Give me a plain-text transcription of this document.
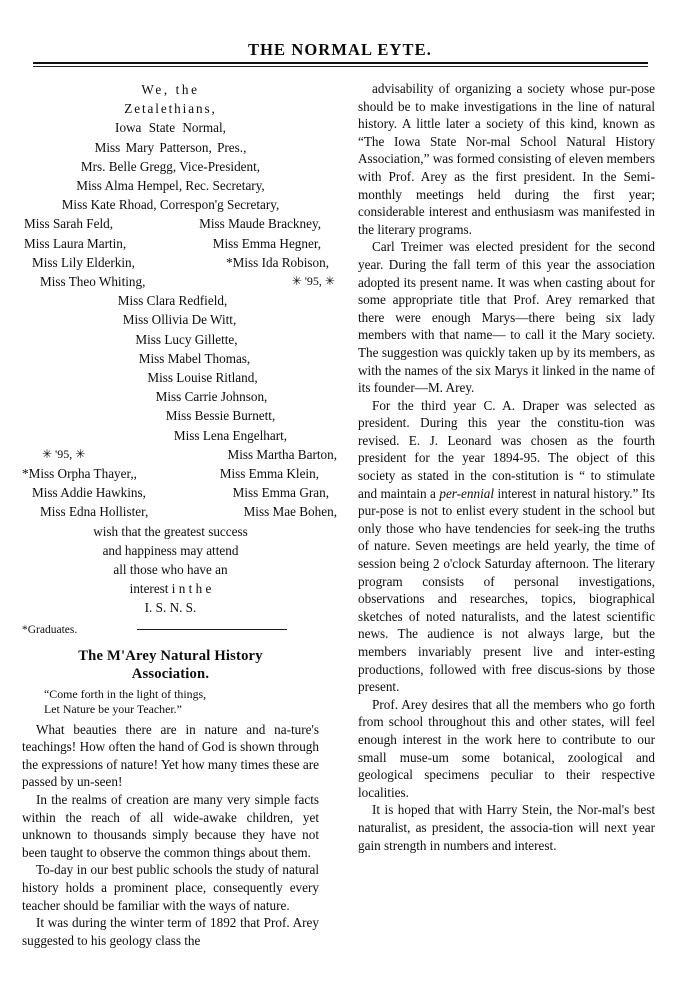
THE NORMAL EYTE.
We, the
Zetalethians,
Iowa State Normal,
Miss Mary Patterson, Pres.,
Mrs. Belle Gregg, Vice-President,
Miss Alma Hempel, Rec. Secretary,
Miss Kate Rhoad, Correspon'g Secretary,
Miss Sarah Feld,	Miss Maude Brackney,
Miss Laura Martin,	Miss Emma Hegner,
Miss Lily Elderkin,	*Miss Ida Robison,
Miss Theo Whiting,	✳ '95, ✳
Miss Clara Redfield,
Miss Ollivia De Witt,
Miss Lucy Gillette,
Miss Mabel Thomas,
Miss Louise Ritland,
Miss Carrie Johnson,
Miss Bessie Burnett,
Miss Lena Engelhart,
✳ '95, ✳	Miss Martha Barton,
*Miss Orpha Thayer,,	Miss Emma Klein,
Miss Addie Hawkins,	Miss Emma Gran,
Miss Edna Hollister,	Miss Mae Bohen,
wish that the greatest success
and happiness may attend
all those who have an
interest i n t h e
I. S. N. S.
*Graduates.
The M'Arey Natural History
Association.
“Come forth in the light of things,
Let Nature be your Teacher.”

What beauties there are in nature and na-ture's teachings! How often the hand of God is shown through the expressions of nature! Yet how many times these are passed by un-seen!

In the realms of creation are many very simple facts within the reach of all wide-awake children, yet unknown to thousands simply because they have not been taught to observe the common things about them.

To-day in our best public schools the study of natural history holds a prominent place, consequently every teacher should be familiar with the ways of nature.

It was during the winter term of 1892 that Prof. Arey suggested to his geology class the

advisability of organizing a society whose pur-pose should be to make investigations in the line of natural history. A little later a society of this kind, known as “The Iowa State Nor-mal School Natural History Association,” was formed consisting of eleven members with Prof. Arey as the first president. In the Semi-monthly meetings held during the first year; considerable interest and enthusiasm was manifested in the literary programs.

Carl Treimer was elected president for the second year. During the fall term of this year the association adopted its present name. It was when casting about for some appropriate title that Prof. Arey remarked that there were enough Marys—there being six lady members with that name— to call it the Mary society. The suggestion was quickly taken up by its members, as with the names of the six Marys it linked in the name of its founder—M. Arey.

For the third year C. A. Draper was selected as president. During this year the constitu-tion was revised. E. J. Leonard was chosen as the fourth president for the year 1894-95. The object of this society as stated in the con-stitution is “ to stimulate and maintain a per-ennial interest in natural history.” Its pur-pose is not to enlist every student in the school but only those who have tendencies for seek-ing the truths of nature. Seven meetings are held yearly, the time of session being 2 o'clock Saturday afternoon. The literary program consists of personal investigations, observations and researches, topics, biographical sketches of noted naturalists, and the latest scientific news. The audience is not always large, but the members invariably present live and inter-esting productions, followed with free discus-sions by those present.

Prof. Arey desires that all the members who go forth from school throughout this and other states, will feel enough interest in the work here to contribute to our small muse-um some botanical, zoological and geological specimens peculiar to their respective localities.

It is hoped that with Harry Stein, the Nor-mal's best naturalist, as president, the associa-tion will next year gain strength in numbers and interest.
